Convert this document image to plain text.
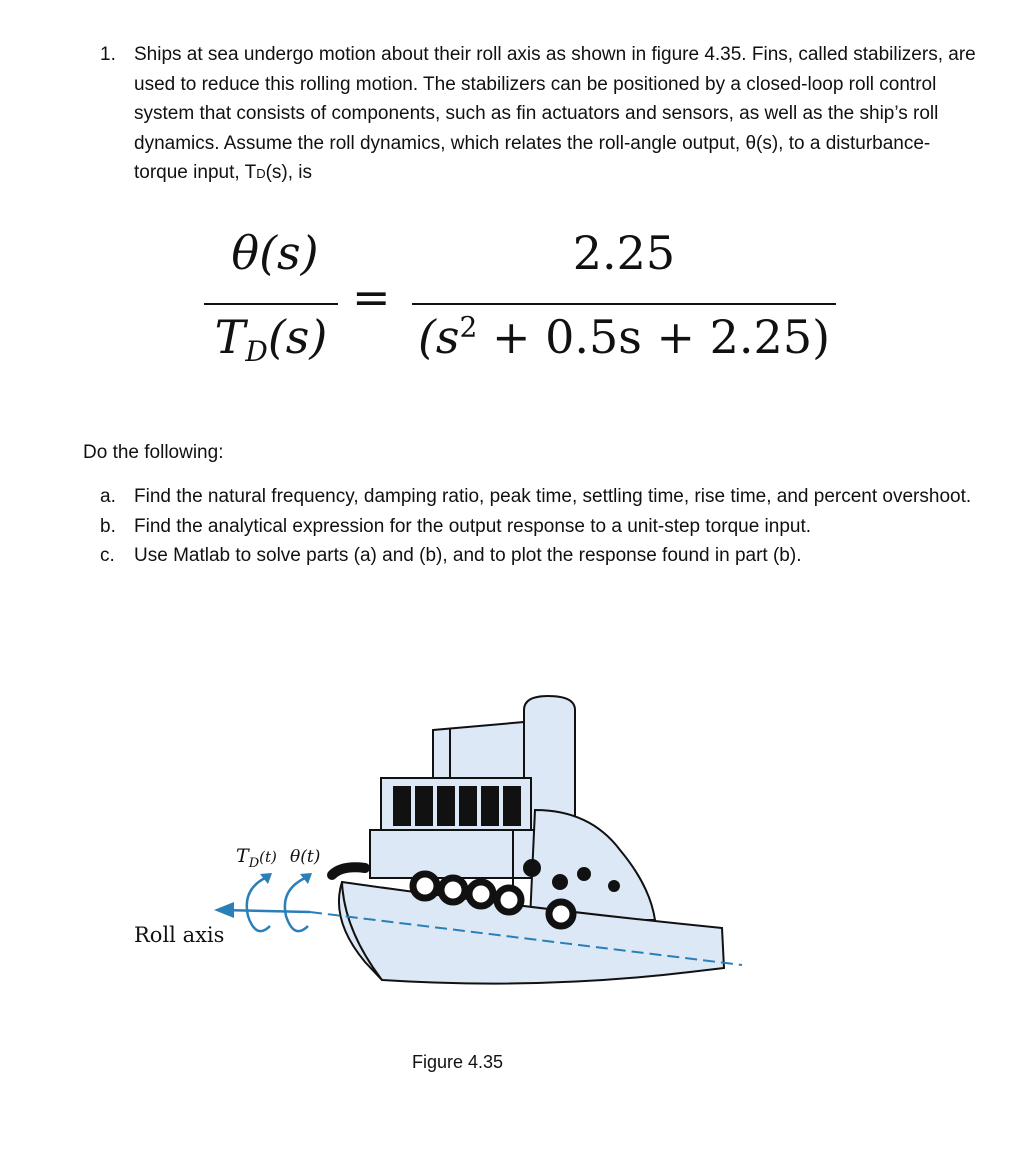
1. Ships at sea undergo motion about their roll axis as shown in figure 4.35. Fins, called stabilizers, are used to reduce this rolling motion. The stabilizers can be positioned by a closed-loop roll control system that consists of components, such as fin actuators and sensors, as well as the ship’s roll dynamics. Assume the roll dynamics, which relates the roll-angle output, θ(s), to a disturbance-torque input, TD(s), is
θ(s)
TD(s)
=
2.25
$(s^2 + 0.5s + 2.25)$
Do the following:
a. Find the natural frequency, damping ratio, peak time, settling time, rise time, and percent overshoot.
b. Find the analytical expression for the output response to a unit-step torque input.
c. Use Matlab to solve parts (a) and (b), and to plot the response found in part (b).
$T_D^{(t)}$ θ(t)
Roll axis
Figure 4.35
